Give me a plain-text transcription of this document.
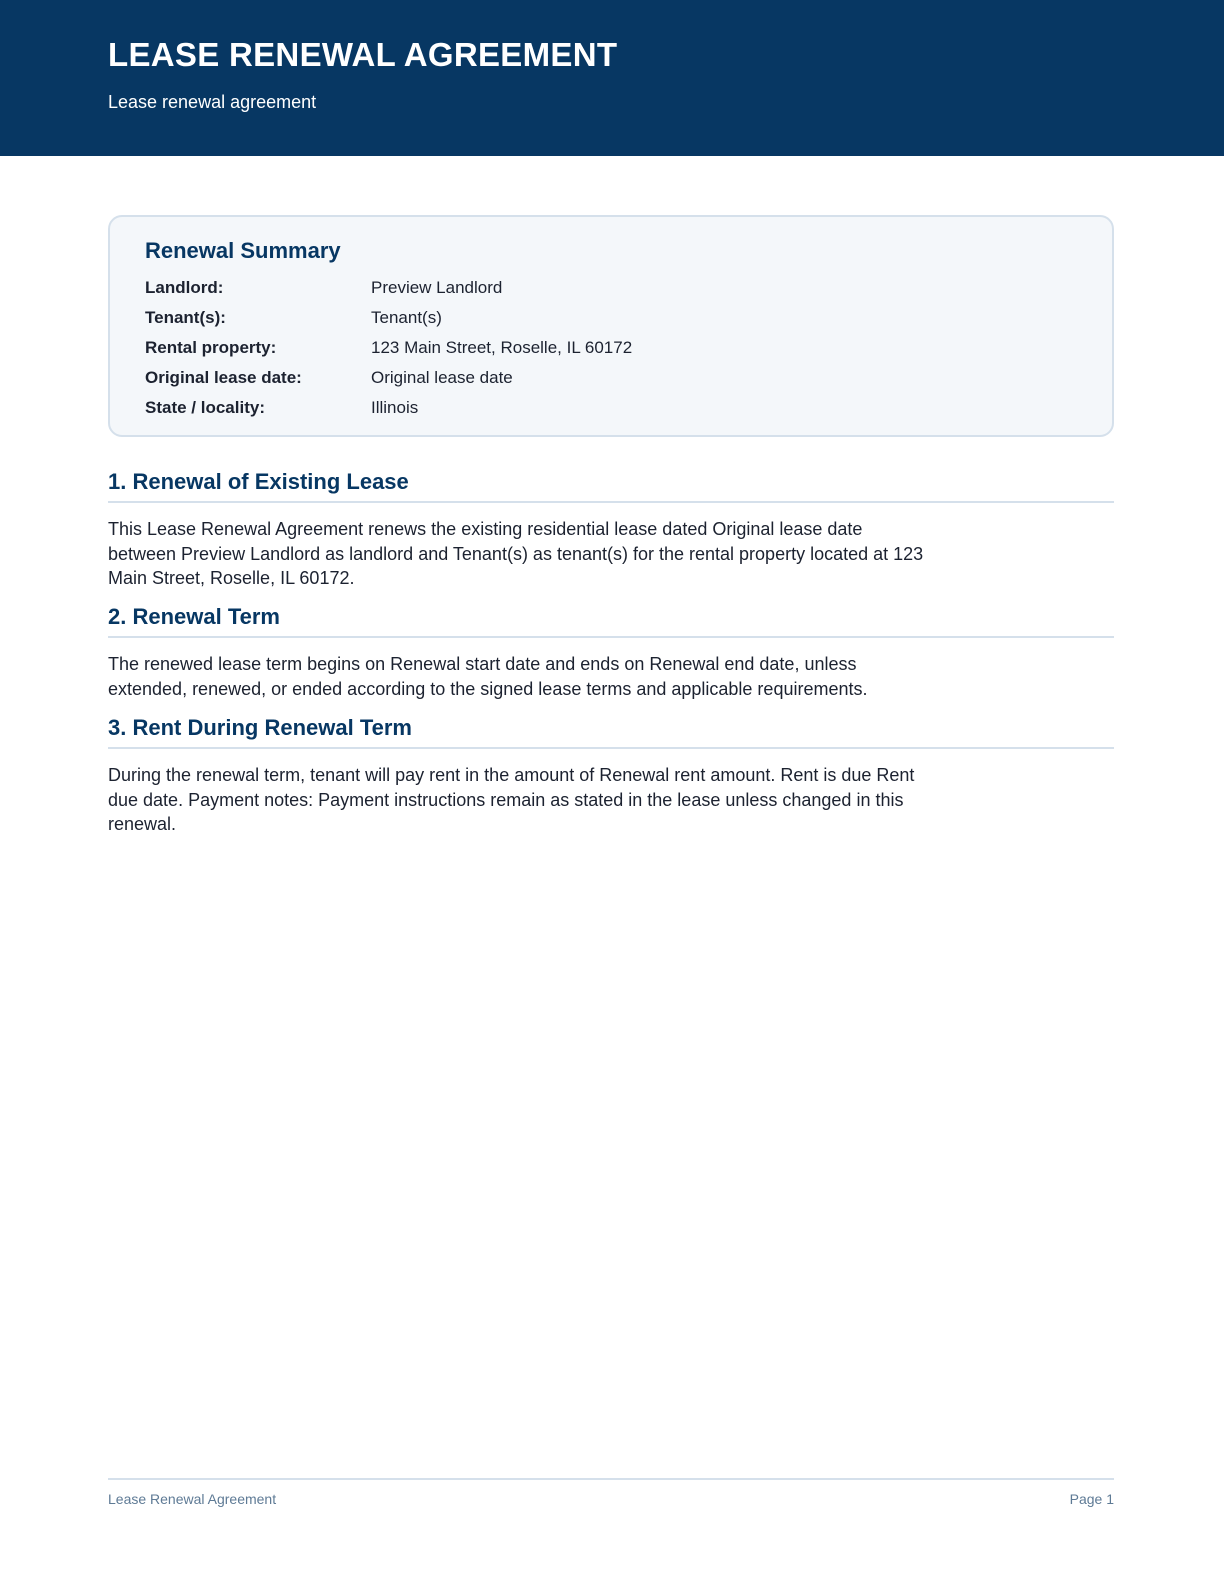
LEASE RENEWAL AGREEMENT

Lease renewal agreement

Renewal Summary
Landlord:	Preview Landlord
Tenant(s):	Tenant(s)
Rental property:	123 Main Street, Roselle, IL 60172
Original lease date:	Original lease date
State / locality:	Illinois
1. Renewal of Existing Lease

This Lease Renewal Agreement renews the existing residential lease dated Original lease date between Preview Landlord as landlord and Tenant(s) as tenant(s) for the rental property located at 123 Main Street, Roselle, IL 60172.

2. Renewal Term

The renewed lease term begins on Renewal start date and ends on Renewal end date, unless extended, renewed, or ended according to the signed lease terms and applicable requirements.

3. Rent During Renewal Term

During the renewal term, tenant will pay rent in the amount of Renewal rent amount. Rent is due Rent due date. Payment notes: Payment instructions remain as stated in the lease unless changed in this renewal.

Lease Renewal Agreement	Page 1
